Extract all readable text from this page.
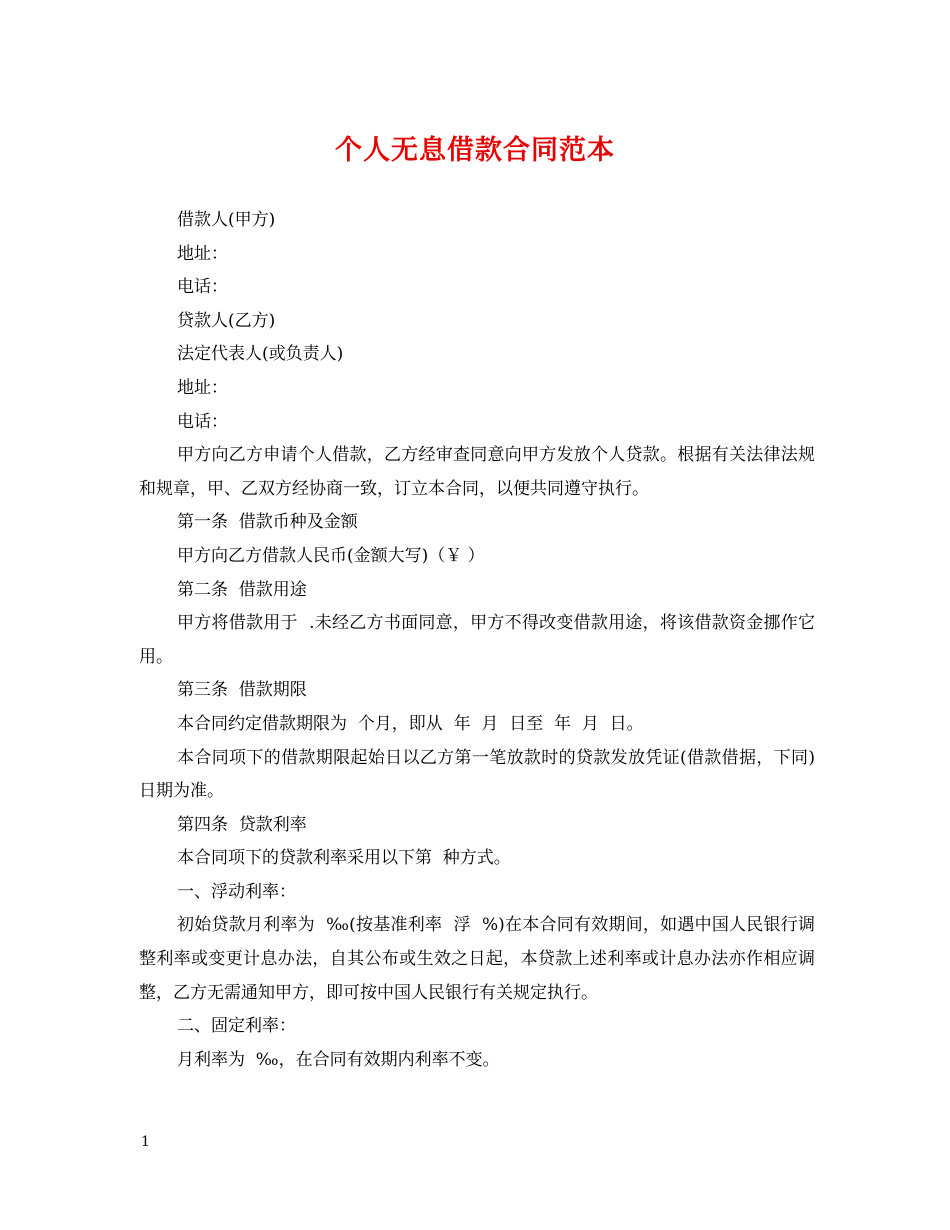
个人无息借款合同范本

借款人(甲方)

地址：

电话：

贷款人(乙方)

法定代表人(或负责人)

地址：

电话：

甲方向乙方申请个人借款，乙方经审查同意向甲方发放个人贷款。根据有关法律法规和规章，甲、乙双方经协商一致，订立本合同，以便共同遵守执行。

第一条  借款币种及金额

甲方向乙方借款人民币(金额大写)（￥ ）

第二条  借款用途

甲方将借款用于  .未经乙方书面同意，甲方不得改变借款用途，将该借款资金挪作它用。

第三条  借款期限

本合同约定借款期限为  个月，即从  年  月  日至  年  月  日。

本合同项下的借款期限起始日以乙方第一笔放款时的贷款发放凭证(借款借据，下同)日期为准。

第四条  贷款利率

本合同项下的贷款利率采用以下第  种方式。

一、浮动利率：

初始贷款月利率为  ‰(按基准利率  浮  %)在本合同有效期间，如遇中国人民银行调整利率或变更计息办法，自其公布或生效之日起，本贷款上述利率或计息办法亦作相应调整，乙方无需通知甲方，即可按中国人民银行有关规定执行。

二、固定利率：

月利率为  ‰，在合同有效期内利率不变。

1
